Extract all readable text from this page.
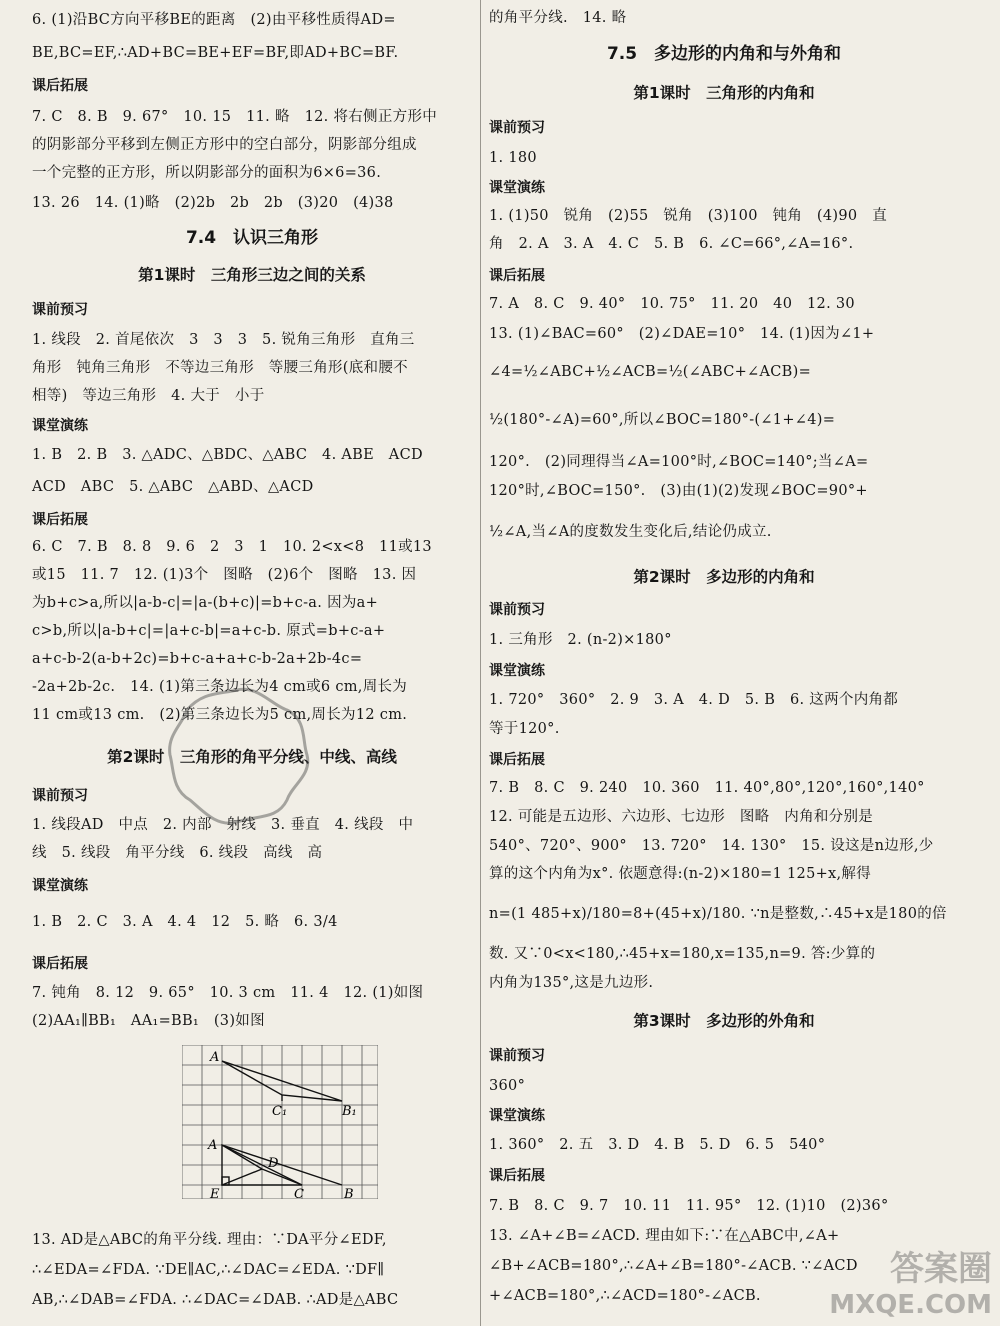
6. (1)沿BC方向平移BE的距离　(2)由平移性质得AD=
BE,BC=EF,∴AD+BC=BE+EF=BF,即AD+BC=BF.
课后拓展
7. C　8. B　9. 67°　10. 15　11. 略　12. 将右侧正方形中
的阴影部分平移到左侧正方形中的空白部分，阴影部分组成
一个完整的正方形，所以阴影部分的面积为6×6=36.
13. 26　14. (1)略　(2)2b　2b　2b　(3)20　(4)38
7.4　认识三角形
第1课时　三角形三边之间的关系
课前预习
1. 线段　2. 首尾依次　3　3　3　5. 锐角三角形　直角三
角形　钝角三角形　不等边三角形　等腰三角形(底和腰不
相等)　等边三角形　4. 大于　小于
课堂演练
1. B　2. B　3. △ADC、△BDC、△ABC　4. ABE　ACD
ACD　ABC　5. △ABC　△ABD、△ACD
课后拓展
6. C　7. B　8. 8　9. 6　2　3　1　10. 2<x<8　11或13
或15　11. 7　12. (1)3个　图略　(2)6个　图略　13. 因
为b+c>a,所以|a-b-c|=|a-(b+c)|=b+c-a. 因为a+
c>b,所以|a-b+c|=|a+c-b|=a+c-b. 原式=b+c-a+
a+c-b-2(a-b+2c)=b+c-a+a+c-b-2a+2b-4c=
-2a+2b-2c.　14. (1)第三条边长为4 cm或6 cm,周长为
11 cm或13 cm.　(2)第三条边长为5 cm,周长为12 cm.
第2课时　三角形的角平分线、中线、高线
课前预习
1. 线段AD　中点　2. 内部　射线　3. 垂直　4. 线段　中
线　5. 线段　角平分线　6. 线段　高线　高
课堂演练
1. B　2. C　3. A　4. 4　12　5. 略　6. 3/4
课后拓展
7. 钝角　8. 12　9. 65°　10. 3 cm　11. 4　12. (1)如图
(2)AA₁∥BB₁　AA₁=BB₁　(3)如图
13. AD是△ABC的角平分线. 理由：∵DA平分∠EDF,
∴∠EDA=∠FDA. ∵DE∥AC,∴∠DAC=∠EDA. ∵DF∥
AB,∴∠DAB=∠FDA. ∴∠DAC=∠DAB. ∴AD是△ABC
A
C₁	B₁
A
D
E	C	B
的角平分线.　14. 略
7.5　多边形的内角和与外角和
第1课时　三角形的内角和
课前预习
1. 180
课堂演练
1. (1)50　锐角　(2)55　锐角　(3)100　钝角　(4)90　直
角　2. A　3. A　4. C　5. B　6. ∠C=66°,∠A=16°.
课后拓展
7. A　8. C　9. 40°　10. 75°　11. 20　40　12. 30
13. (1)∠BAC=60°　(2)∠DAE=10°　14. (1)因为∠1+
∠4=½∠ABC+½∠ACB=½(∠ABC+∠ACB)=
½(180°-∠A)=60°,所以∠BOC=180°-(∠1+∠4)=
120°.　(2)同理得当∠A=100°时,∠BOC=140°;当∠A=
120°时,∠BOC=150°.　(3)由(1)(2)发现∠BOC=90°+
½∠A,当∠A的度数发生变化后,结论仍成立.
第2课时　多边形的内角和
课前预习
1. 三角形　2. (n-2)×180°
课堂演练
1. 720°　360°　2. 9　3. A　4. D　5. B　6. 这两个内角都
等于120°.
课后拓展
7. B　8. C　9. 240　10. 360　11. 40°,80°,120°,160°,140°
12. 可能是五边形、六边形、七边形　图略　内角和分别是
540°、720°、900°　13. 720°　14. 130°　15. 设这是n边形,少
算的这个内角为x°. 依题意得:(n-2)×180=1 125+x,解得
n=(1 485+x)/180=8+(45+x)/180. ∵n是整数,∴45+x是180的倍
数. 又∵0<x<180,∴45+x=180,x=135,n=9. 答:少算的
内角为135°,这是九边形.
第3课时　多边形的外角和
课前预习
360°
课堂演练
1. 360°　2. 五　3. D　4. B　5. D　6. 5　540°
课后拓展
7. B　8. C　9. 7　10. 11　11. 95°　12. (1)10　(2)36°
13. ∠A+∠B=∠ACD. 理由如下:∵在△ABC中,∠A+
∠B+∠ACB=180°,∴∠A+∠B=180°-∠ACB. ∵∠ACD
+∠ACB=180°,∴∠ACD=180°-∠ACB.
答案圈
MXQE.COM
